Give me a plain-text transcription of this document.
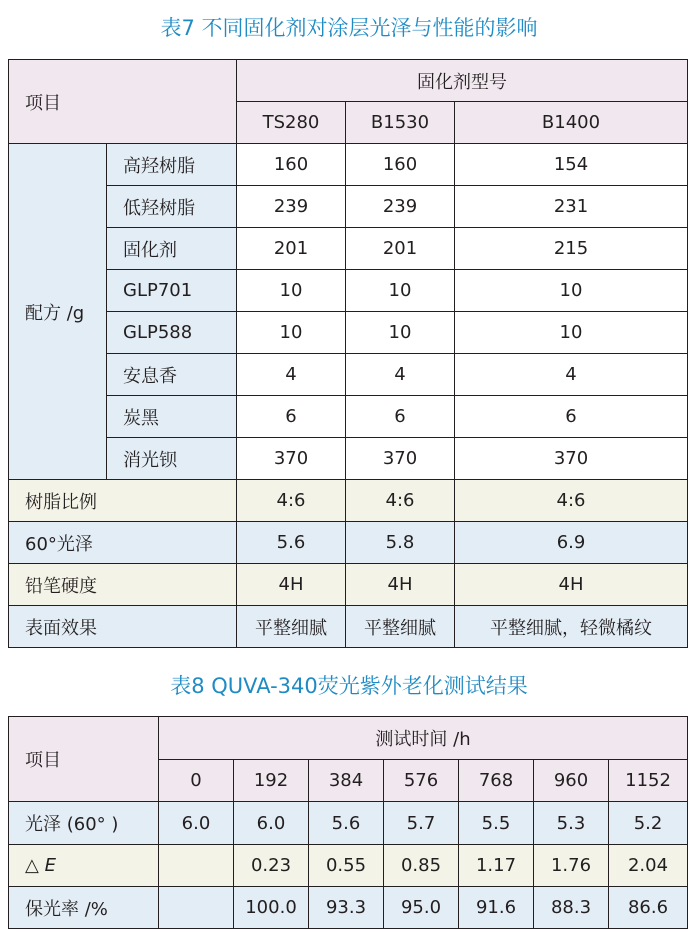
表7 不同固化剂对涂层光泽与性能的影响
项目		固化剂型号		
		TS280	B1530	B1400
配方 /g	高羟树脂	160	160	154
	低羟树脂	239	239	231
	固化剂	201	201	215
	GLP701	10	10	10
	GLP588	10	10	10
	安息香	4	4	4
	炭黑	6	6	6
	消光钡	370	370	370
树脂比例		4:6	4:6	4:6
60°光泽		5.6	5.8	6.9
铅笔硬度		4H	4H	4H
表面效果		平整细腻	平整细腻	平整细腻，轻微橘纹
表8 QUVA-340荧光紫外老化测试结果
项目	测试时间 /h						
	0	192	384	576	768	960	1152
光泽 (60° )	6.0	6.0	5.6	5.7	5.5	5.3	5.2
△ E		0.23	0.55	0.85	1.17	1.76	2.04
保光率 /%		100.0	93.3	95.0	91.6	88.3	86.6
